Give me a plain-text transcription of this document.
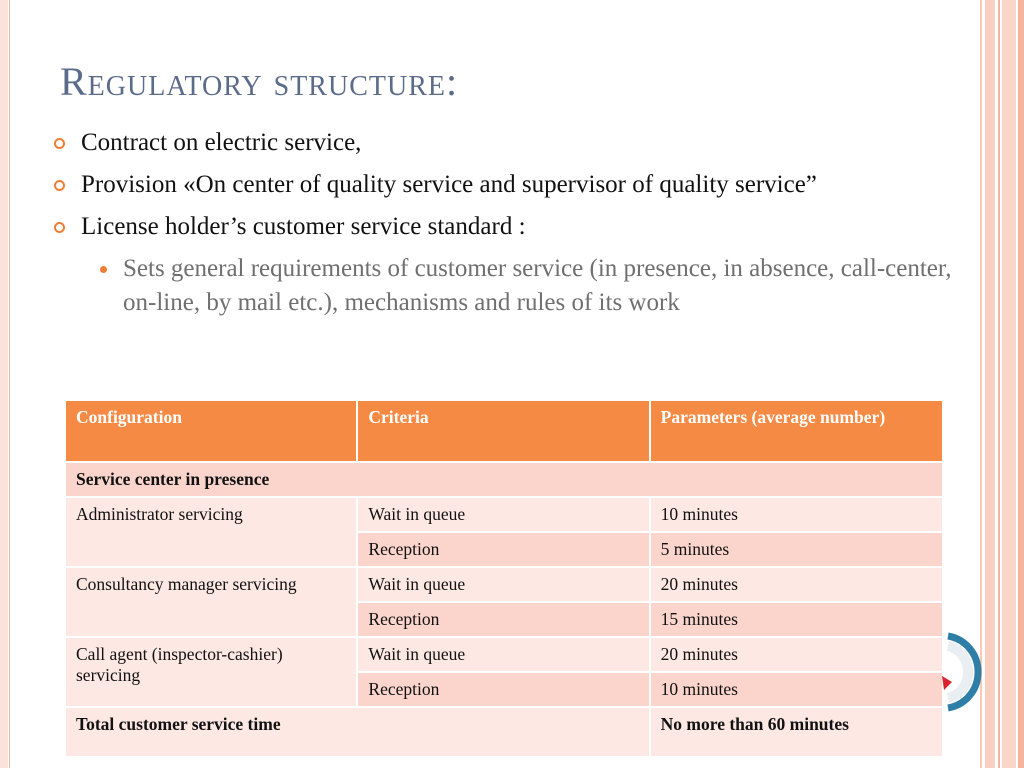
Regulatory structure:
Contract on electric service,
Provision «On center of quality service and supervisor of quality service”
License holder’s customer service standard :
Sets general requirements of customer service (in presence, in absence, call-center, on-line, by mail etc.), mechanisms and rules of its work
Configuration	Criteria	Parameters (average number)
Service center in presence		
Administrator servicing	Wait in queue	10 minutes
	Reception	5 minutes
Consultancy manager servicing	Wait in queue	20 minutes
	Reception	15 minutes
Call agent (inspector-cashier) servicing	Wait in queue	20 minutes
	Reception	10 minutes
Total customer service time		No more than 60 minutes
